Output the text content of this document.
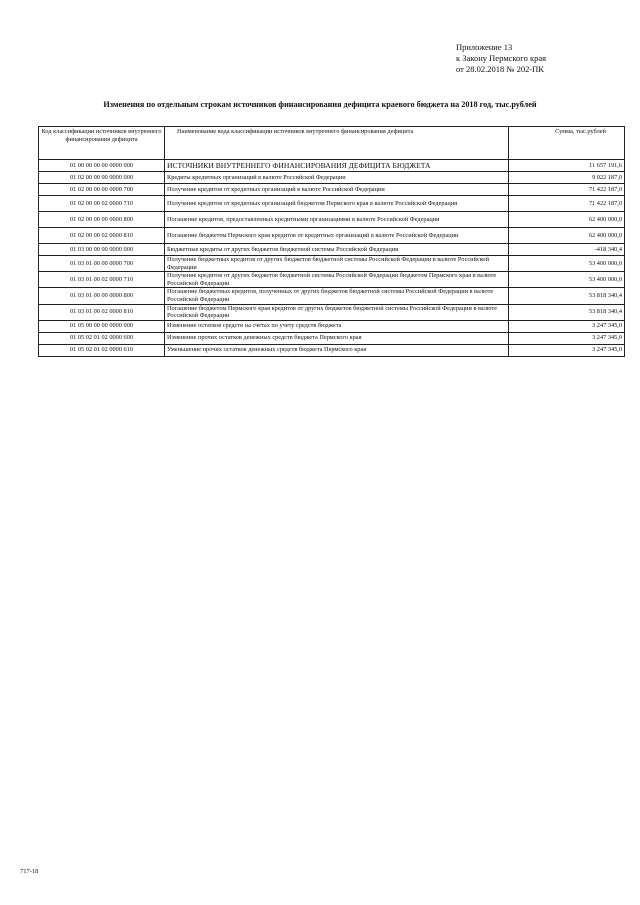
Приложение 13
к Закону Пермского края
от 28.02.2018 № 202-ПК
Изменения по отдельным строкам источников финансирования дефицита краевого бюджета на 2018 год, тыс.рублей
Код классификации источников внутреннего финансирования дефицита	Наименование кода классификации источников внутреннего финансирования дефицита	Сумма, тыс.рублей
01 00 00 00 00 0000 000	ИСТОЧНИКИ ВНУТРЕННЕГО ФИНАНСИРОВАНИЯ ДЕФИЦИТА БЮДЖЕТА	11 657 191,6
01 02 00 00 00 0000 000	Кредиты кредитных организаций в валюте Российской Федерации	9 022 187,0
01 02 00 00 00 0000 700	Получение кредитов от кредитных организаций в валюте Российской Федерации	71 422 187,0
01 02 00 00 02 0000 710	Получение кредитов от кредитных организаций бюджетом Пермского края в валюте Российской Федерации	71 422 187,0
01 02 00 00 00 0000 800	Погашение кредитов, предоставленных кредитными организациями в валюте Российской Федерации	62 400 000,0
01 02 00 00 02 0000 810	Погашение бюджетом Пермского края кредитов от кредитных организаций в валюте Российской Федерации	62 400 000,0
01 03 00 00 00 0000 000	Бюджетные кредиты от других бюджетов бюджетной системы Российской Федерации	-418 340,4
01 03 01 00 00 0000 700	Получение бюджетных кредитов от других бюджетов бюджетной системы Российской Федерации в валюте Российской Федерации	53 400 000,0
01 03 01 00 02 0000 710	Получение кредитов от других бюджетов бюджетной системы Российской Федерации бюджетом Пермского края в валюте Российской Федерации	53 400 000,0
01 03 01 00 00 0000 800	Погашение бюджетных кредитов, полученных от других бюджетов бюджетной системы Российской Федерации в валюте Российской Федерации	53 818 340,4
01 03 01 00 02 0000 810	Погашение бюджетом Пермского края кредитов от других бюджетов бюджетной системы Российской Федерации в валюте Российской Федерации	53 818 340,4
01 05 00 00 00 0000 000	Изменение остатков средств на счетах по учету средств бюджета	3 247 345,0
01 05 02 01 02 0000 600	Изменение прочих остатков денежных средств бюджета Пермского края	3 247 345,0
01 05 02 01 02 0000 610	Уменьшение прочих остатков денежных средств бюджета Пермского края	3 247 345,0
717-18
